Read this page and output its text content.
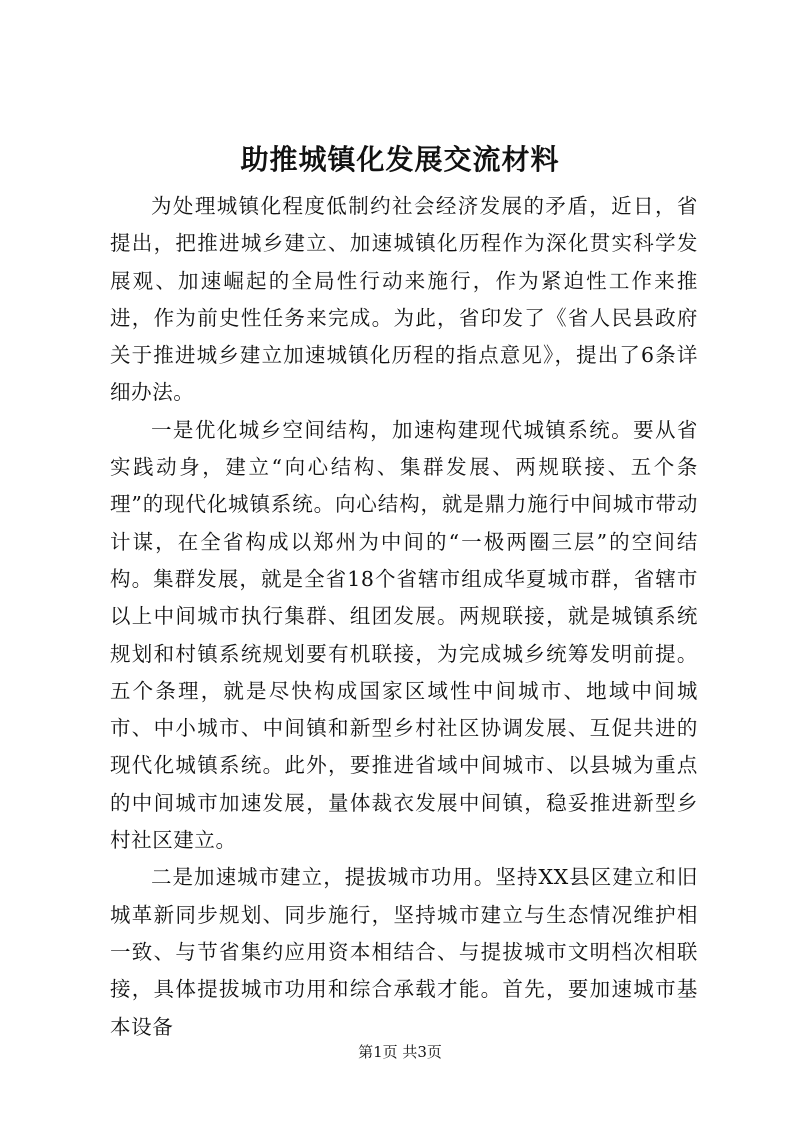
助推城镇化发展交流材料

为处理城镇化程度低制约社会经济发展的矛盾，近日，省提出，把推进城乡建立、加速城镇化历程作为深化贯实科学发展观、加速崛起的全局性行动来施行，作为紧迫性工作来推进，作为前史性任务来完成。为此，省印发了《省人民县政府关于推进城乡建立加速城镇化历程的指点意见》，提出了6条详细办法。

一是优化城乡空间结构，加速构建现代城镇系统。要从省实践动身，建立“向心结构、集群发展、两规联接、五个条理”的现代化城镇系统。向心结构，就是鼎力施行中间城市带动计谋，在全省构成以郑州为中间的“一极两圈三层”的空间结构。集群发展，就是全省18个省辖市组成华夏城市群，省辖市以上中间城市执行集群、组团发展。两规联接，就是城镇系统规划和村镇系统规划要有机联接，为完成城乡统筹发明前提。五个条理，就是尽快构成国家区域性中间城市、地域中间城市、中小城市、中间镇和新型乡村社区协调发展、互促共进的现代化城镇系统。此外，要推进省域中间城市、以县城为重点的中间城市加速发展，量体裁衣发展中间镇，稳妥推进新型乡村社区建立。

二是加速城市建立，提拔城市功用。坚持XX县区建立和旧城革新同步规划、同步施行，坚持城市建立与生态情况维护相一致、与节省集约应用资本相结合、与提拔城市文明档次相联接，具体提拔城市功用和综合承载才能。首先，要加速城市基本设备

第1页 共3页
